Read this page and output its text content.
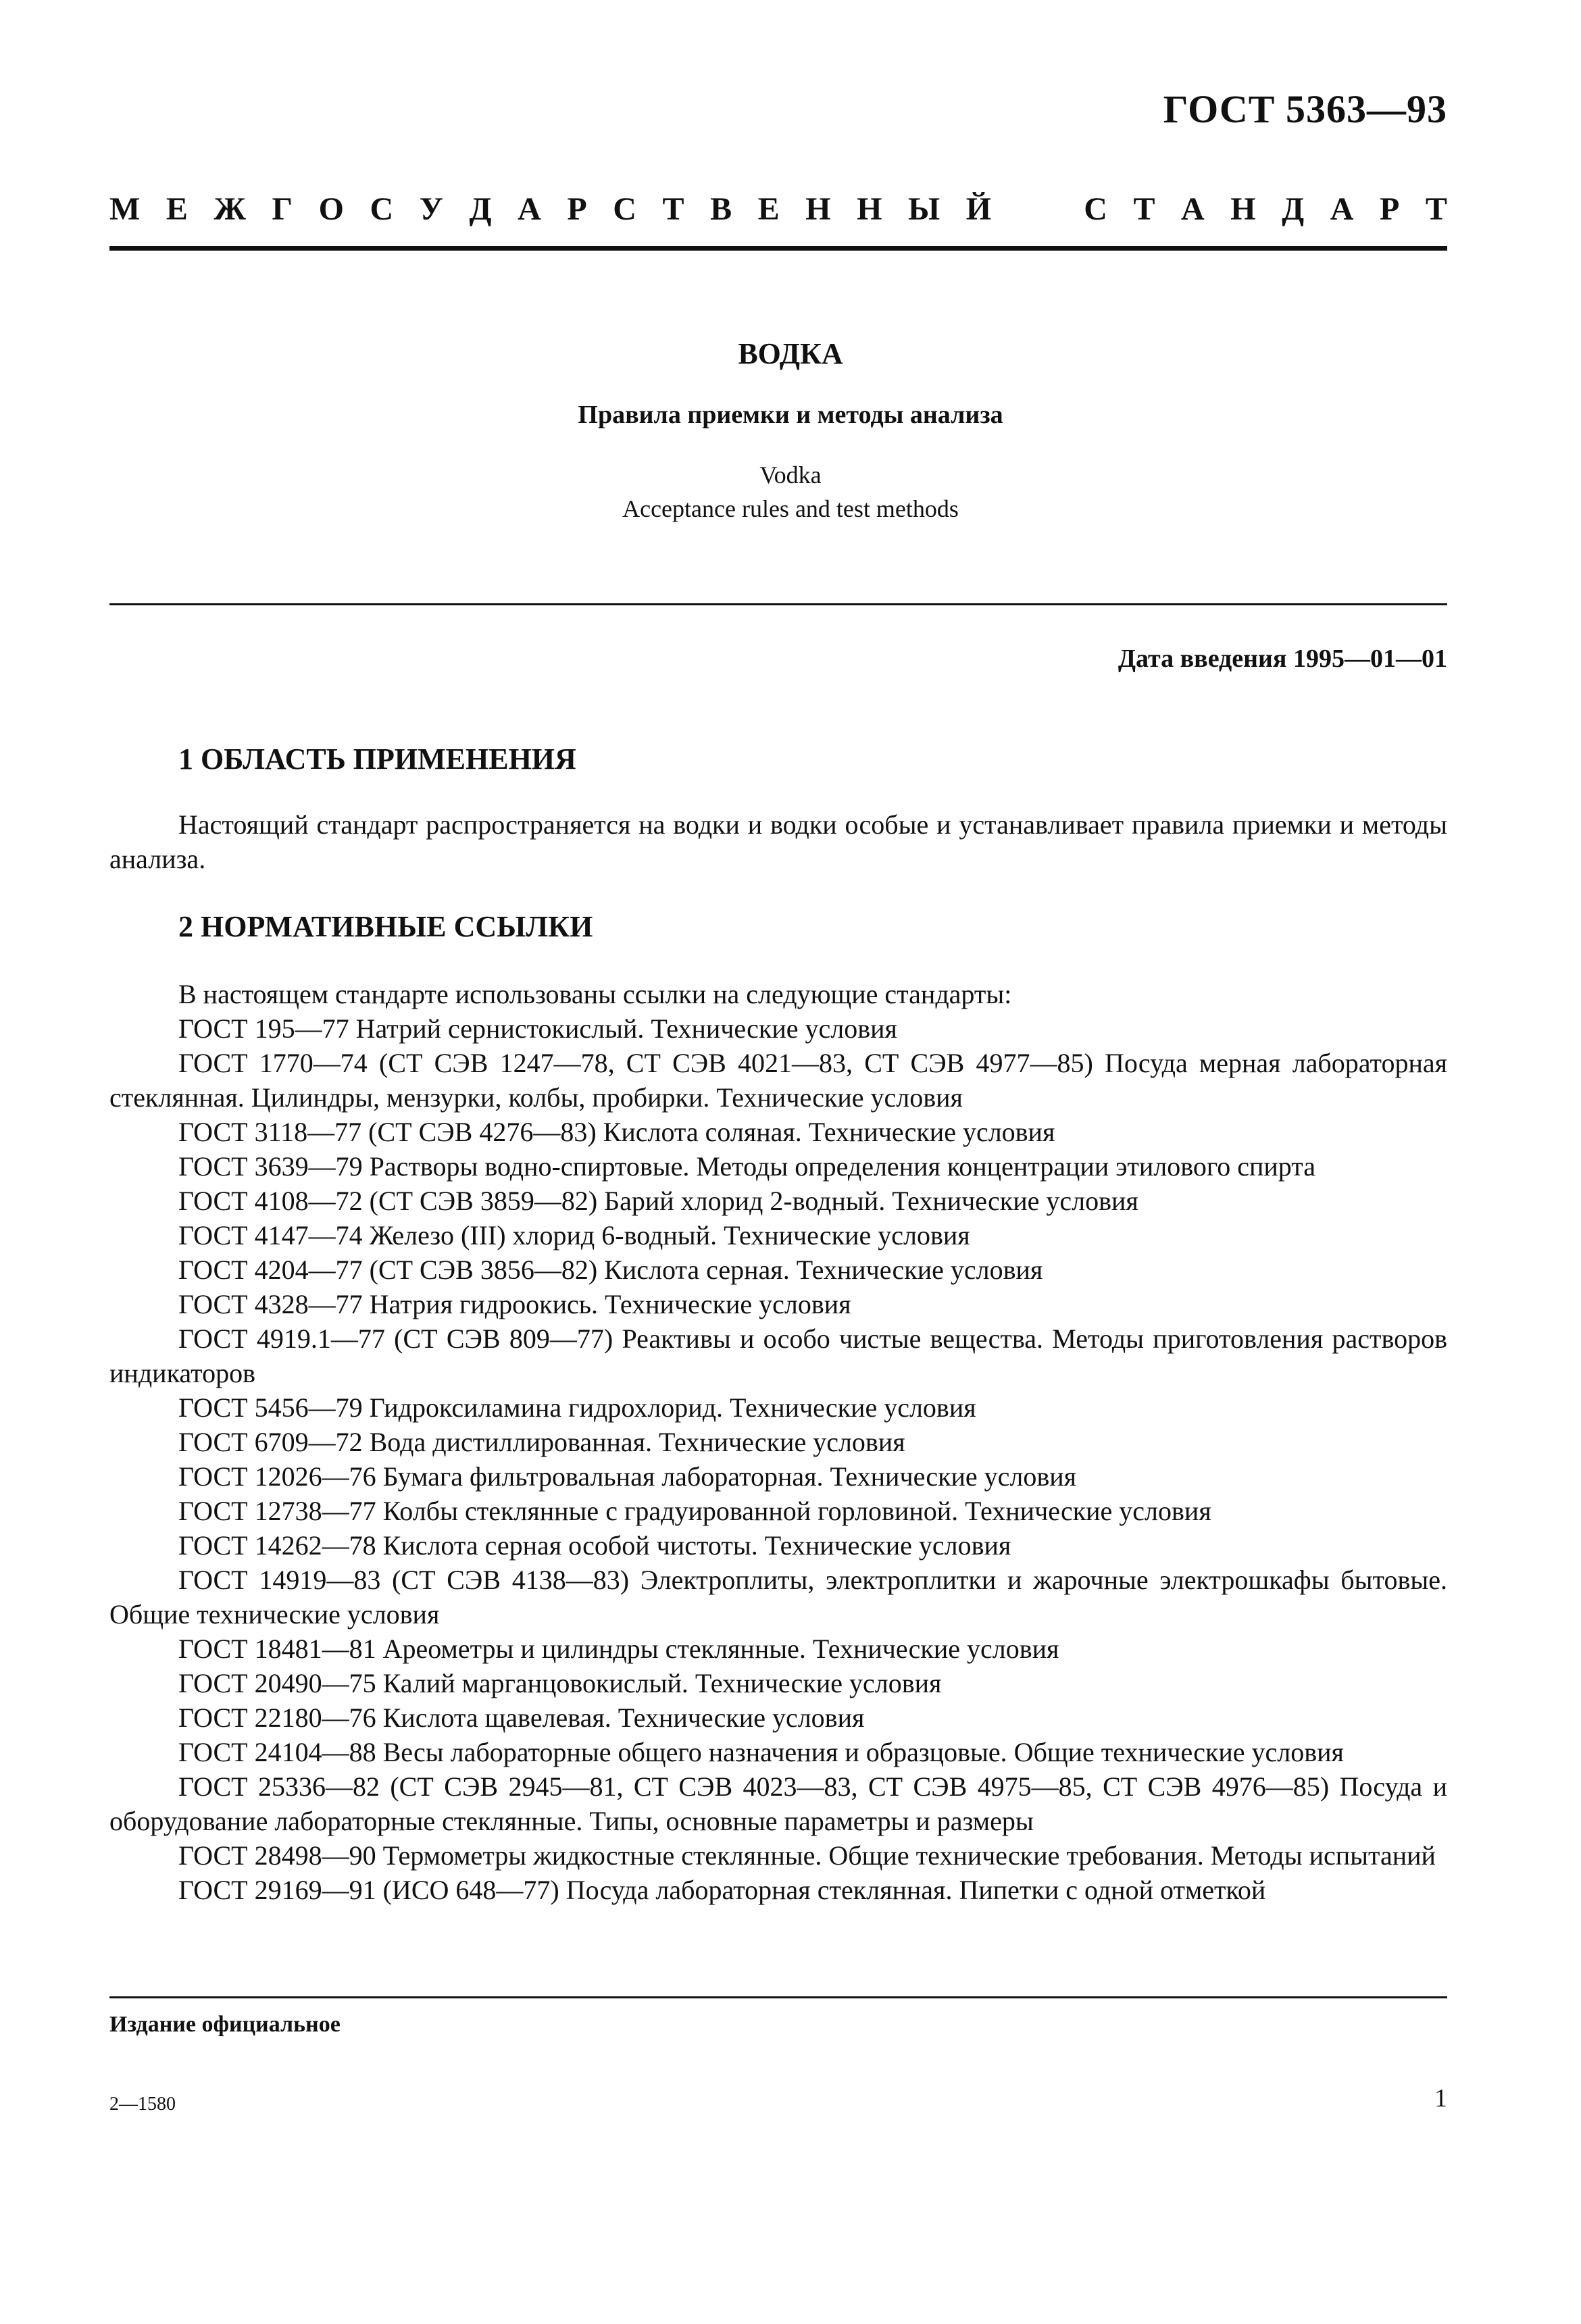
ГОСТ 5363—93
М Е Ж Г О С У Д А Р С Т В Е Н Н Ы Й	С Т А Н Д А Р Т
ВОДКА
Правила приемки и методы анализа
Vodka
Acceptance rules and test methods
Дата введения 1995—01—01
1 ОБЛАСТЬ ПРИМЕНЕНИЯ

Настоящий стандарт распространяется на водки и водки особые и устанавливает правила приемки и методы анализа.

2 НОРМАТИВНЫЕ ССЫЛКИ

В настоящем стандарте использованы ссылки на следующие стандарты:

ГОСТ 195—77 Натрий сернистокислый. Технические условия

ГОСТ 1770—74 (СТ СЭВ 1247—78, СТ СЭВ 4021—83, СТ СЭВ 4977—85) Посуда мерная лабораторная стеклянная. Цилиндры, мензурки, колбы, пробирки. Технические условия

ГОСТ 3118—77 (СТ СЭВ 4276—83) Кислота соляная. Технические условия

ГОСТ 3639—79 Растворы водно-спиртовые. Методы определения концентрации этилового спирта

ГОСТ 4108—72 (СТ СЭВ 3859—82) Барий хлорид 2-водный. Технические условия

ГОСТ 4147—74 Железо (III) хлорид 6-водный. Технические условия

ГОСТ 4204—77 (СТ СЭВ 3856—82) Кислота серная. Технические условия

ГОСТ 4328—77 Натрия гидроокись. Технические условия

ГОСТ 4919.1—77 (СТ СЭВ 809—77) Реактивы и особо чистые вещества. Методы приготовления растворов индикаторов

ГОСТ 5456—79 Гидроксиламина гидрохлорид. Технические условия

ГОСТ 6709—72 Вода дистиллированная. Технические условия

ГОСТ 12026—76 Бумага фильтровальная лабораторная. Технические условия

ГОСТ 12738—77 Колбы стеклянные с градуированной горловиной. Технические условия

ГОСТ 14262—78 Кислота серная особой чистоты. Технические условия

ГОСТ 14919—83 (СТ СЭВ 4138—83) Электроплиты, электроплитки и жарочные электрошкафы бытовые. Общие технические условия

ГОСТ 18481—81 Ареометры и цилиндры стеклянные. Технические условия

ГОСТ 20490—75 Калий марганцовокислый. Технические условия

ГОСТ 22180—76 Кислота щавелевая. Технические условия

ГОСТ 24104—88 Весы лабораторные общего назначения и образцовые. Общие технические условия

ГОСТ 25336—82 (СТ СЭВ 2945—81, СТ СЭВ 4023—83, СТ СЭВ 4975—85, СТ СЭВ 4976—85) Посуда и оборудование лабораторные стеклянные. Типы, основные параметры и размеры

ГОСТ 28498—90 Термометры жидкостные стеклянные. Общие технические требования. Методы испытаний

ГОСТ 29169—91 (ИСО 648—77) Посуда лабораторная стеклянная. Пипетки с одной отметкой

Издание официальное
2—1580	1
